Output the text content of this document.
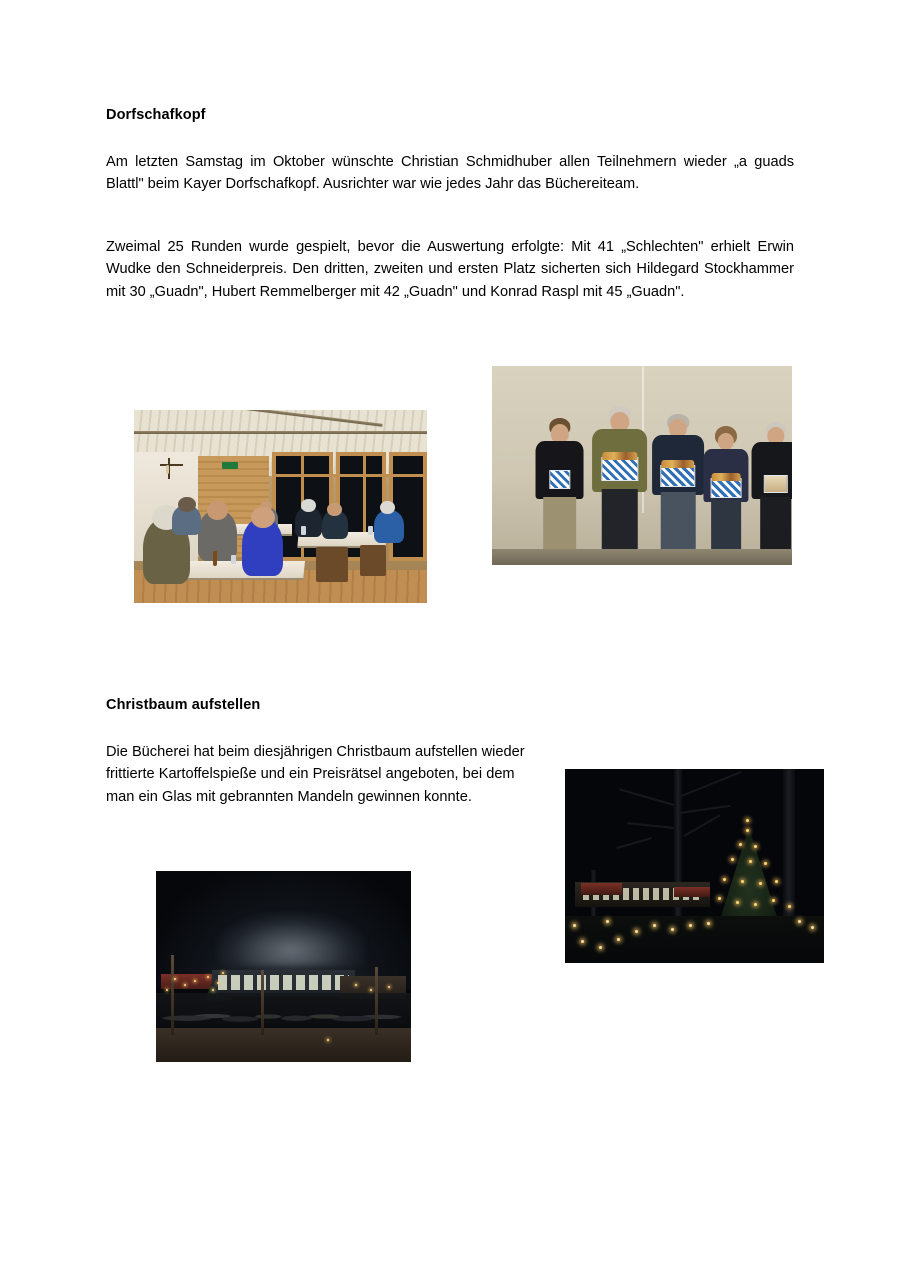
Dorfschafkopf

Am letzten Samstag im Oktober wünschte Christian Schmidhuber allen Teilnehmern wieder „a guads Blattl" beim Kayer Dorfschafkopf. Ausrichter war wie jedes Jahr das Büchereiteam.

Zweimal 25 Runden wurde gespielt, bevor die Auswertung erfolgte: Mit 41 „Schlechten" erhielt Erwin Wudke den Schneiderpreis. Den dritten, zweiten und ersten Platz sicherten sich Hildegard Stockhammer mit 30 „Guadn", Hubert Remmelberger mit 42 „Guadn" und Konrad Raspl mit 45 „Guadn".

Christbaum aufstellen

Die Bücherei hat beim diesjährigen Christbaum aufstellen wieder frittierte Kartoffelspieße und ein Preisrätsel angeboten, bei dem man ein Glas mit gebrannten Mandeln gewinnen konnte.
